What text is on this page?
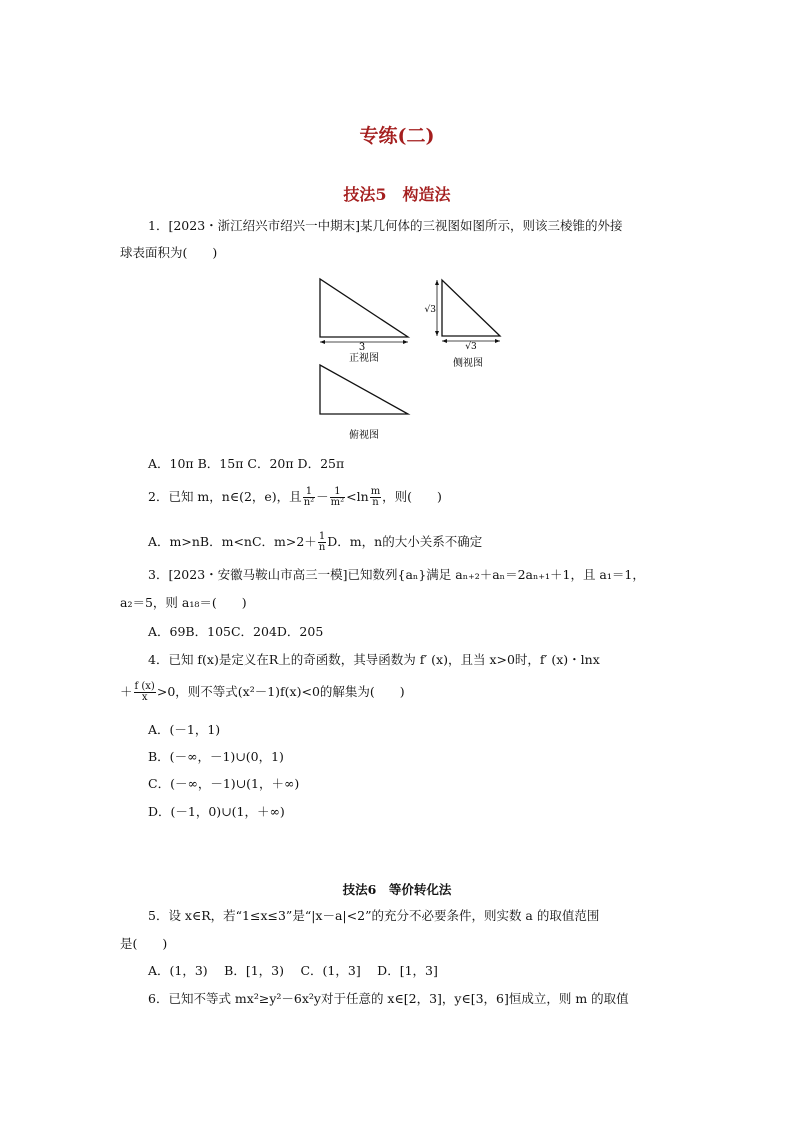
专练(二)
技法5　构造法
1．[2023・浙江绍兴市绍兴一中期末]某几何体的三视图如图所示，则该三棱锥的外接
球表面积为(　　)
3
正视图
√3
√3
侧视图
俯视图
A．10π B．15π C．20π D．25π
2．已知 m，n∈(2，e)，且 $\frac{1}{\text{n²}} - \frac{1}{\text{m²}} <\ln \frac{m}{n}$ ，则(　　)
A．m>nB．m<nC．$m>2+ \frac{1}{n}$ D．m，n的大小关系不确定
3．[2023・安徽马鞍山市高三一模]已知数列{aₙ}满足 aₙ₊₂＋aₙ＝2aₙ₊₁＋1，且 a₁＝1，
a₂＝5，则 a₁₈＝(　　)
A．69B．105C．204D．205
4．已知 f(x)是定义在R上的奇函数，其导函数为 f′ (x)，且当 x>0时，f′ (x)・lnx
＋ $\frac{f (x)}{x} >0$，则不等式(x²－1)f(x)<0的解集为(　　)
A．(－1，1)
B．(－∞，－1)∪(0，1)
C．(－∞，－1)∪(1，＋∞)
D．(－1，0)∪(1，＋∞)
技法6　等价转化法
5．设 x∈R，若“1≤x≤3”是“|x－a|<2”的充分不必要条件，则实数 a 的取值范围
是(　　)
A．(1，3)　 B．[1，3)　 C．(1，3]　 D．[1，3]
6．已知不等式 mx²≥y²－6x²y对于任意的 x∈[2，3]，y∈[3，6]恒成立，则 m 的取值
